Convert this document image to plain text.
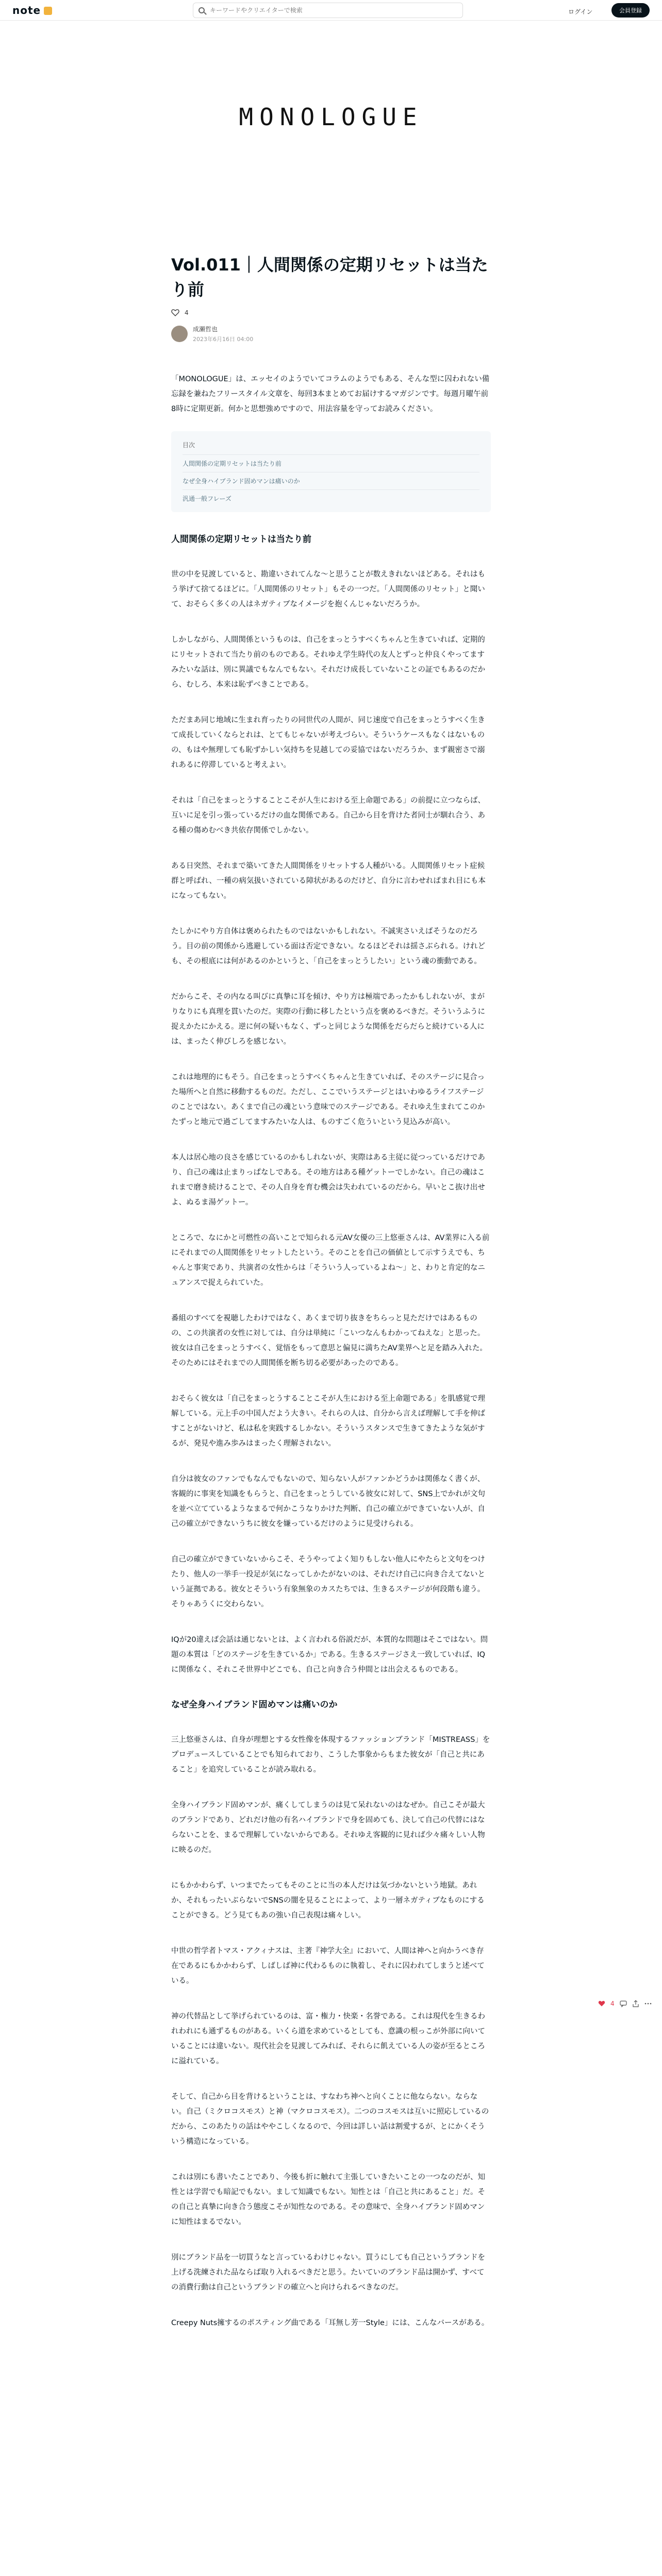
note
キーワードやクリエイターで検索	ログイン	会員登録
MONOLOGUE
Vol.011｜人間関係の定期リセットは当たり前
4
成瀬哲也
2023年6月16日 04:00

「MONOLOGUE」は、エッセイのようでいてコラムのようでもある、そんな型に囚われない備忘録を兼ねたフリースタイル文章を、毎回3本まとめてお届けするマガジンです。毎週月曜午前8時に定期更新。何かと思想強めですので、用法容量を守ってお読みください。

目次
人間関係の定期リセットは当たり前
なぜ全身ハイブランド固めマンは痛いのか
汎通一般フレーズ
人間関係の定期リセットは当たり前

世の中を見渡していると、勘違いされてんな〜と思うことが数えきれないほどある。それはもう挙げて捨てるほどに。「人間関係のリセット」もその一つだ。「人間関係のリセット」と聞いて、おそらく多くの人はネガティブなイメージを抱くんじゃないだろうか。

しかしながら、人間関係というものは、自己をまっとうすべくちゃんと生きていれば、定期的にリセットされて当たり前のものである。それゆえ学生時代の友人とずっと仲良くやってますみたいな話は、別に異議でもなんでもない。それだけ成長していないことの証でもあるのだから、むしろ、本来は恥ずべきことである。

ただまあ同じ地域に生まれ育ったりの同世代の人間が、同じ速度で自己をまっとうすべく生きて成長していくならとれは、とてもじゃないが考えづらい。そういうケースもなくはないものの、もはや無理しても恥ずかしい気持ちを見越しての妥協ではないだろうか、まず親密さで溺れあるに停滞していると考えよい。

それは「自己をまっとうすることこそが人生における至上命題である」の前提に立つならば、互いに足を引っ張っているだけの血な関係である。自己から目を背けた者同士が馴れ合う、ある種の傷めむべき共依存関係でしかない。

ある日突然、それまで築いてきた人間関係をリセットする人種がいる。人間関係リセット症候群と呼ばれ、一種の病気扱いされている障状があるのだけど、自分に言わせればまれ目にも本になってもない。

たしかにやり方自体は褒められたものではないかもしれない。不誠実さいえばそうなのだろう。目の前の関係から逃避している面は否定できない。なるほどそれは揺さぶられる。けれども、その根底には何があるのかというと、「自己をまっとうしたい」という魂の衝動である。

だからこそ、その内なる叫びに真摯に耳を傾け、やり方は極端であったかもしれないが、まがりなりにも真理を貫いたのだ。実際の行動に移したという点を褒めるべきだ。そういうふうに捉えかたにかえる。逆に何の疑いもなく、ずっと同じような関係をだらだらと続けている人には、まったく伸びしろを感じない。

これは地理的にもそう。自己をまっとうすべくちゃんと生きていれば、そのステージに見合った場所へと自然に移動するものだ。ただし、ここでいうステージとはいわゆるライフステージのことではない。あくまで自己の魂という意味でのステージである。それゆえ生まれてこのかたずっと地元で過ごしてますみたいな人は、ものすごく危ういという見込みが高い。

本人は居心地の良さを感じているのかもしれないが、実際はある主従に従つっているだけであり、自己の魂は止まりっぱなしである。その地方はある種ゲットーでしかない。自己の魂はこれまで磨き続けることで、その人自身を育む機会は失われているのだから。早いとこ抜け出せよ、ぬるま湯ゲットー。

ところで、なにかと可燃性の高いことで知られる元AV女優の三上悠亜さんは、AV業界に入る前にそれまでの人間関係をリセットしたという。そのことを自己の価値として示すうえでも、ちゃんと事実であり、共演者の女性からは「そういう人っているよね〜」と、わりと肯定的なニュアンスで捉えられていた。

番組のすべてを視聴したわけではなく、あくまで切り抜きをちらっと見ただけではあるものの、この共演者の女性に対しては、自分は単純に「こいつなんもわかってねえな」と思った。彼女は自己をまっとうすべく、覚悟をもって意思と偏見に満ちたAV業界へと足を踏み入れた。そのためにはそれまでの人間関係を断ち切る必要があったのである。

おそらく彼女は「自己をまっとうすることこそが人生における至上命題である」を肌感覚で理解している。元上手の中国人だよう大きい。それらの人は、自分から言えば理解して手を伸ばすことがないけど、私は私を実践するしかない。そういうスタンスで生きてきたような気がするが、発見や進み歩みはまったく理解されない。

自分は彼女のファンでもなんでもないので、知らない人がファンかどうかは関係なく書くが、客観的に事実を知識をもらうと、自己をまっとうしている彼女に対して、SNS上でかれが文句を並べ立てているようなまるで何かこうなりかけた判断、自己の確立ができていない人が、自己の確立ができないうちに彼女を嫌っているだけのように見受けられる。

自己の確立ができていないからこそ、そうやってよく知りもしない他人にやたらと文句をつけたり、他人の一挙手一投足が気になってしかたがないのは、それだけ自己に向き合えてないという証拠である。彼女とそういう有象無象のカスたちでは、生きるステージが何段階も違う。そりゃあうくに交わらない。

IQが20違えば会話は通じないとは、よく言われる俗説だが、本質的な問題はそこではない。問題の本質は「どのステージを生きているか」である。生きるステージさえ一致していれば、IQに関係なく、それこそ世界中どこでも、自己と向き合う仲間とは出会えるものである。

なぜ全身ハイブランド固めマンは痛いのか

三上悠亜さんは、自身が理想とする女性像を体現するファッションブランド「MISTREASS」をプロデュースしていることでも知られており、こうした事象からもまた彼女が「自己と共にあること」を追究していることが読み取れる。

全身ハイブランド固めマンが、痛くしてしまうのは見て呆れないのはなぜか。自己こそが最大のブランドであり、どれだけ他の有名ハイブランドで身を固めても、決して自己の代替にはならないことを、まるで理解していないからである。それゆえ客観的に見れば少々痛々しい人物に映るのだ。

にもかかわらず、いつまでたってもそのことに当の本人だけは気づかないという地獄。あれか、それもったいぶらないでSNSの闇を見ることによって、より一層ネガティブなものにすることができる。どう見てもあの強い自己表現は痛々しい。

中世の哲学者トマス・アクィナスは、主著『神学大全』において、人間は神へと向かうべき存在であるにもかかわらず、しばしば神に代わるものに執着し、それに囚われてしまうと述べている。

神の代替品として挙げられているのは、富・権力・快楽・名誉である。これは現代を生きるわれわれにも通ずるものがある。いくら道を求めているとしても、意識の根っこが外部に向いていることには違いない。現代社会を見渡してみれば、それらに飢えている人の姿が至るところに溢れている。

そして、自己から目を背けるということは、すなわち神へと向くことに他ならない。ならない。自己（ミクロコスモス）と神（マクロコスモス）。二つのコスモスは互いに照応しているのだから、このあたりの話はややこしくなるので、今回は詳しい話は割愛するが、とにかくそういう構造になっている。

これは別にも書いたことであり、今後も折に触れて主張していきたいことの一つなのだが、知性とは学習でも暗記でもない。まして知識でもない。知性とは「自己と共にあること」だ。その自己と真摯に向き合う態度こそが知性なのである。その意味で、全身ハイブランド固めマンに知性はまるでない。

別にブランド品を一切買うなと言っているわけじゃない。買うにしても自己というブランドを上げる洗練された品ならば取り入れるべきだと思う。たいていのブランド品は開かず、すべての消費行動は自己というブランドの確立へと向けられるべきなのだ。

Creepy Nuts擁するのポスティング曲である「耳無し芳一Style」には、こんなバースがある。

4
